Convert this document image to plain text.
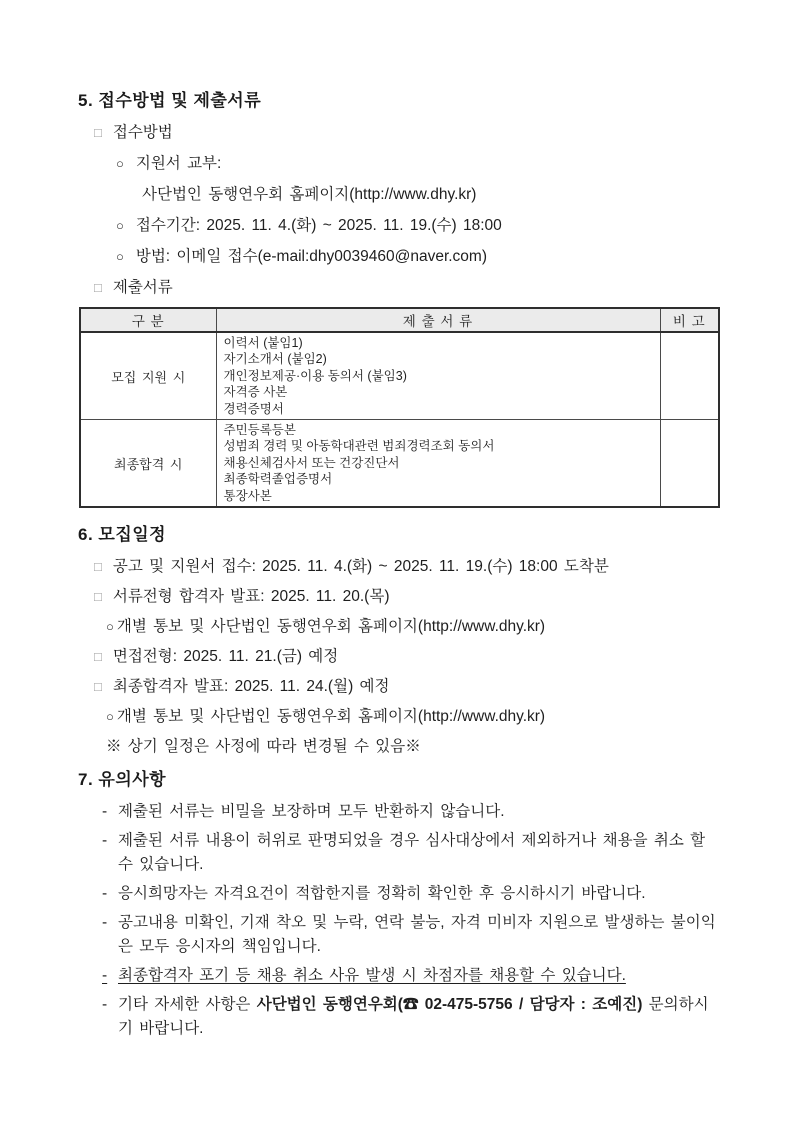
5. 접수방법 및 제출서류
□ 접수방법
○ 지원서 교부:
사단법인 동행연우회 홈페이지(http://www.dhy.kr)
○ 접수기간: 2025. 11. 4.(화) ~ 2025. 11. 19.(수) 18:00
○ 방법: 이메일 접수(e-mail:dhy0039460@naver.com)
□ 제출서류
구 분	제 출 서 류	비 고
모집 지원 시	이력서 (붙임1)
자기소개서 (붙임2)
개인정보제공·이용 동의서 (붙임3)
자격증 사본
경력증명서	

최종합격 시	주민등록등본
성범죄 경력 및 아동학대관련 범죄경력조회 동의서
채용신체검사서 또는 건강진단서
최종학력졸업증명서
통장사본	

6. 모집일정
□ 공고 및 지원서 접수: 2025. 11. 4.(화) ~ 2025. 11. 19.(수) 18:00 도착분
□ 서류전형 합격자 발표: 2025. 11. 20.(목)
○ 개별 통보 및 사단법인 동행연우회 홈페이지(http://www.dhy.kr)
□ 면접전형: 2025. 11. 21.(금) 예정
□ 최종합격자 발표: 2025. 11. 24.(월) 예정
○ 개별 통보 및 사단법인 동행연우회 홈페이지(http://www.dhy.kr)
※ 상기 일정은 사정에 따라 변경될 수 있음※
7. 유의사항
- 제출된 서류는 비밀을 보장하며 모두 반환하지 않습니다.
- 제출된 서류 내용이 허위로 판명되었을 경우 심사대상에서 제외하거나 채용을 취소 할 수 있습니다.
- 응시희망자는 자격요건이 적합한지를 정확히 확인한 후 응시하시기 바랍니다.
- 공고내용 미확인, 기재 착오 및 누락, 연락 불능, 자격 미비자 지원으로 발생하는 불이익은 모두 응시자의 책임입니다.
- 최종합격자 포기 등 채용 취소 사유 발생 시 차점자를 채용할 수 있습니다.
- 기타 자세한 사항은 사단법인 동행연우회(☎ 02-475-5756 / 담당자 : 조예진) 문의하시기 바랍니다.
